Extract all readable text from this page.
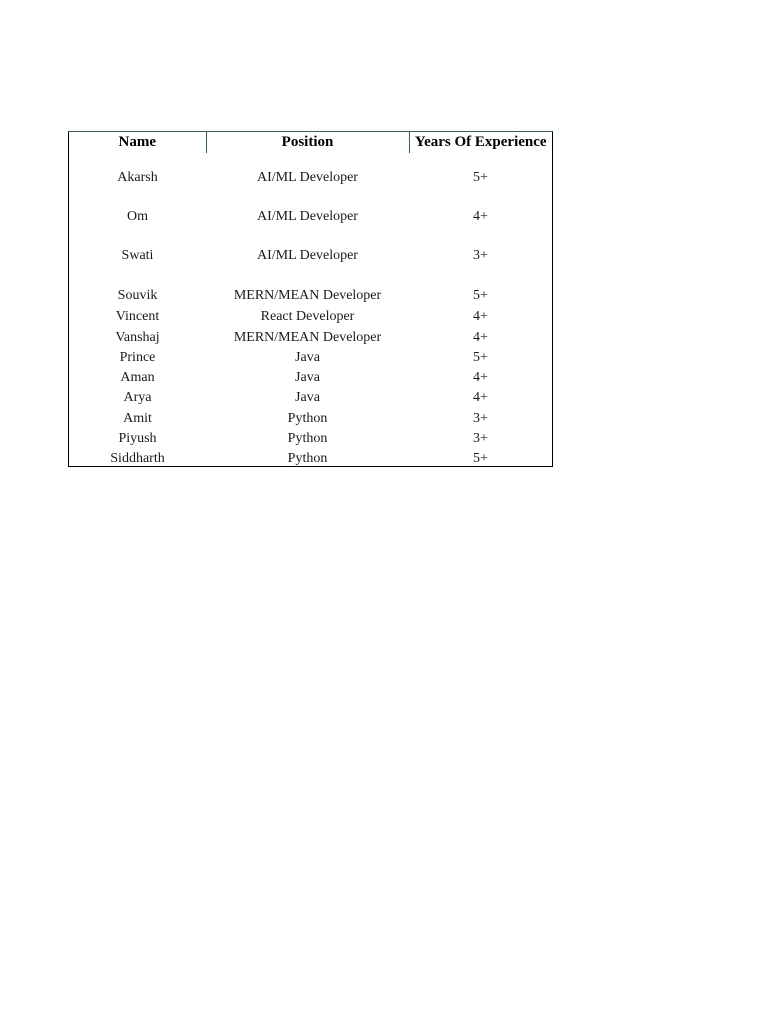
Name	Position	Years Of Experience
Akarsh	AI/ML Developer	5+
Om	AI/ML Developer	4+
Swati	AI/ML Developer	3+
Souvik	MERN/MEAN Developer	5+
Vincent	React Developer	4+
Vanshaj	MERN/MEAN Developer	4+
Prince	Java	5+
Aman	Java	4+
Arya	Java	4+
Amit	Python	3+
Piyush	Python	3+
Siddharth	Python	5+
